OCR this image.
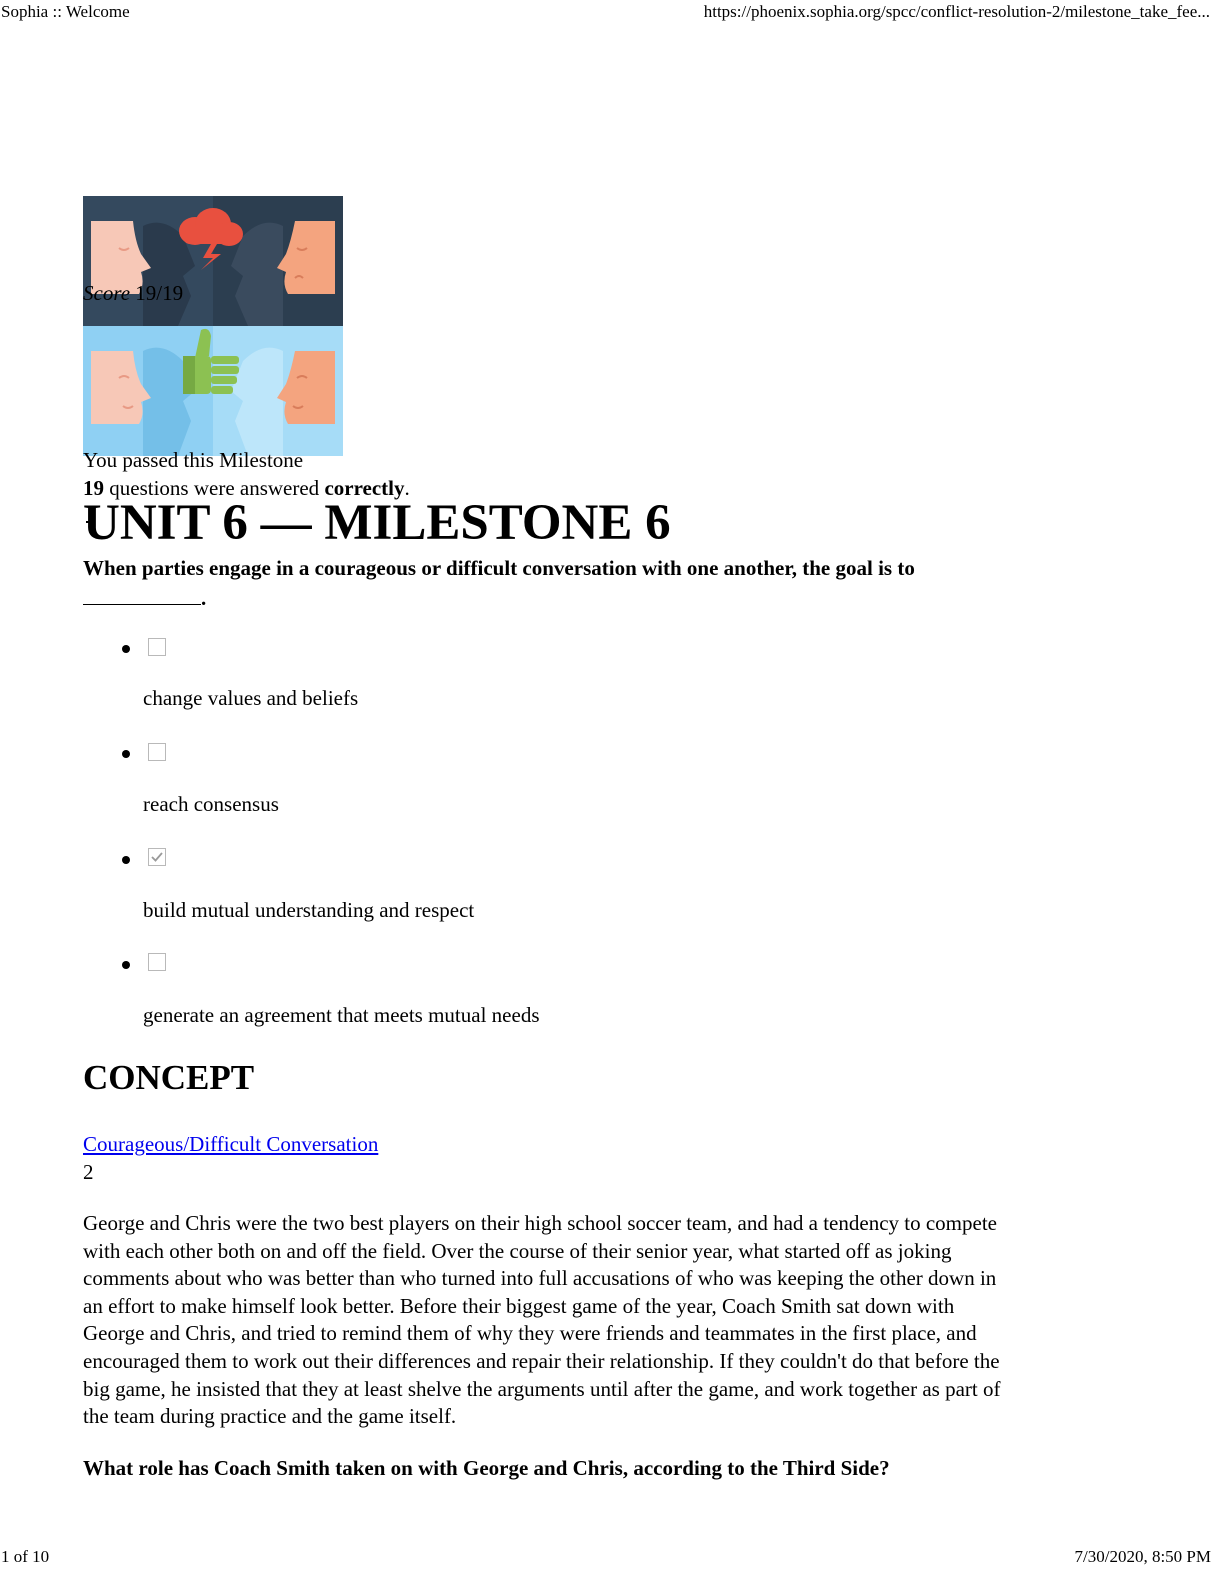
Sophia :: Welcome	https://phoenix.sophia.org/spcc/conflict-resolution-2/milestone_take_fee...
Score 19/19
You passed this Milestone
19 questions were answered correctly.
UNIT 6 — MILESTONE 6

When parties engage in a courageous or difficult conversation with one another, the goal is to
.

change values and beliefs
reach consensus
build mutual understanding and respect
generate an agreement that meets mutual needs
CONCEPT
Courageous/Difficult Conversation
2

George and Chris were the two best players on their high school soccer team, and had a tendency to compete
with each other both on and off the field. Over the course of their senior year, what started off as joking
comments about who was better than who turned into full accusations of who was keeping the other down in
an effort to make himself look better. Before their biggest game of the year, Coach Smith sat down with
George and Chris, and tried to remind them of why they were friends and teammates in the first place, and
encouraged them to work out their differences and repair their relationship. If they couldn't do that before the
big game, he insisted that they at least shelve the arguments until after the game, and work together as part of
the team during practice and the game itself.

What role has Coach Smith taken on with George and Chris, according to the Third Side?

1 of 10	7/30/2020, 8:50 PM
